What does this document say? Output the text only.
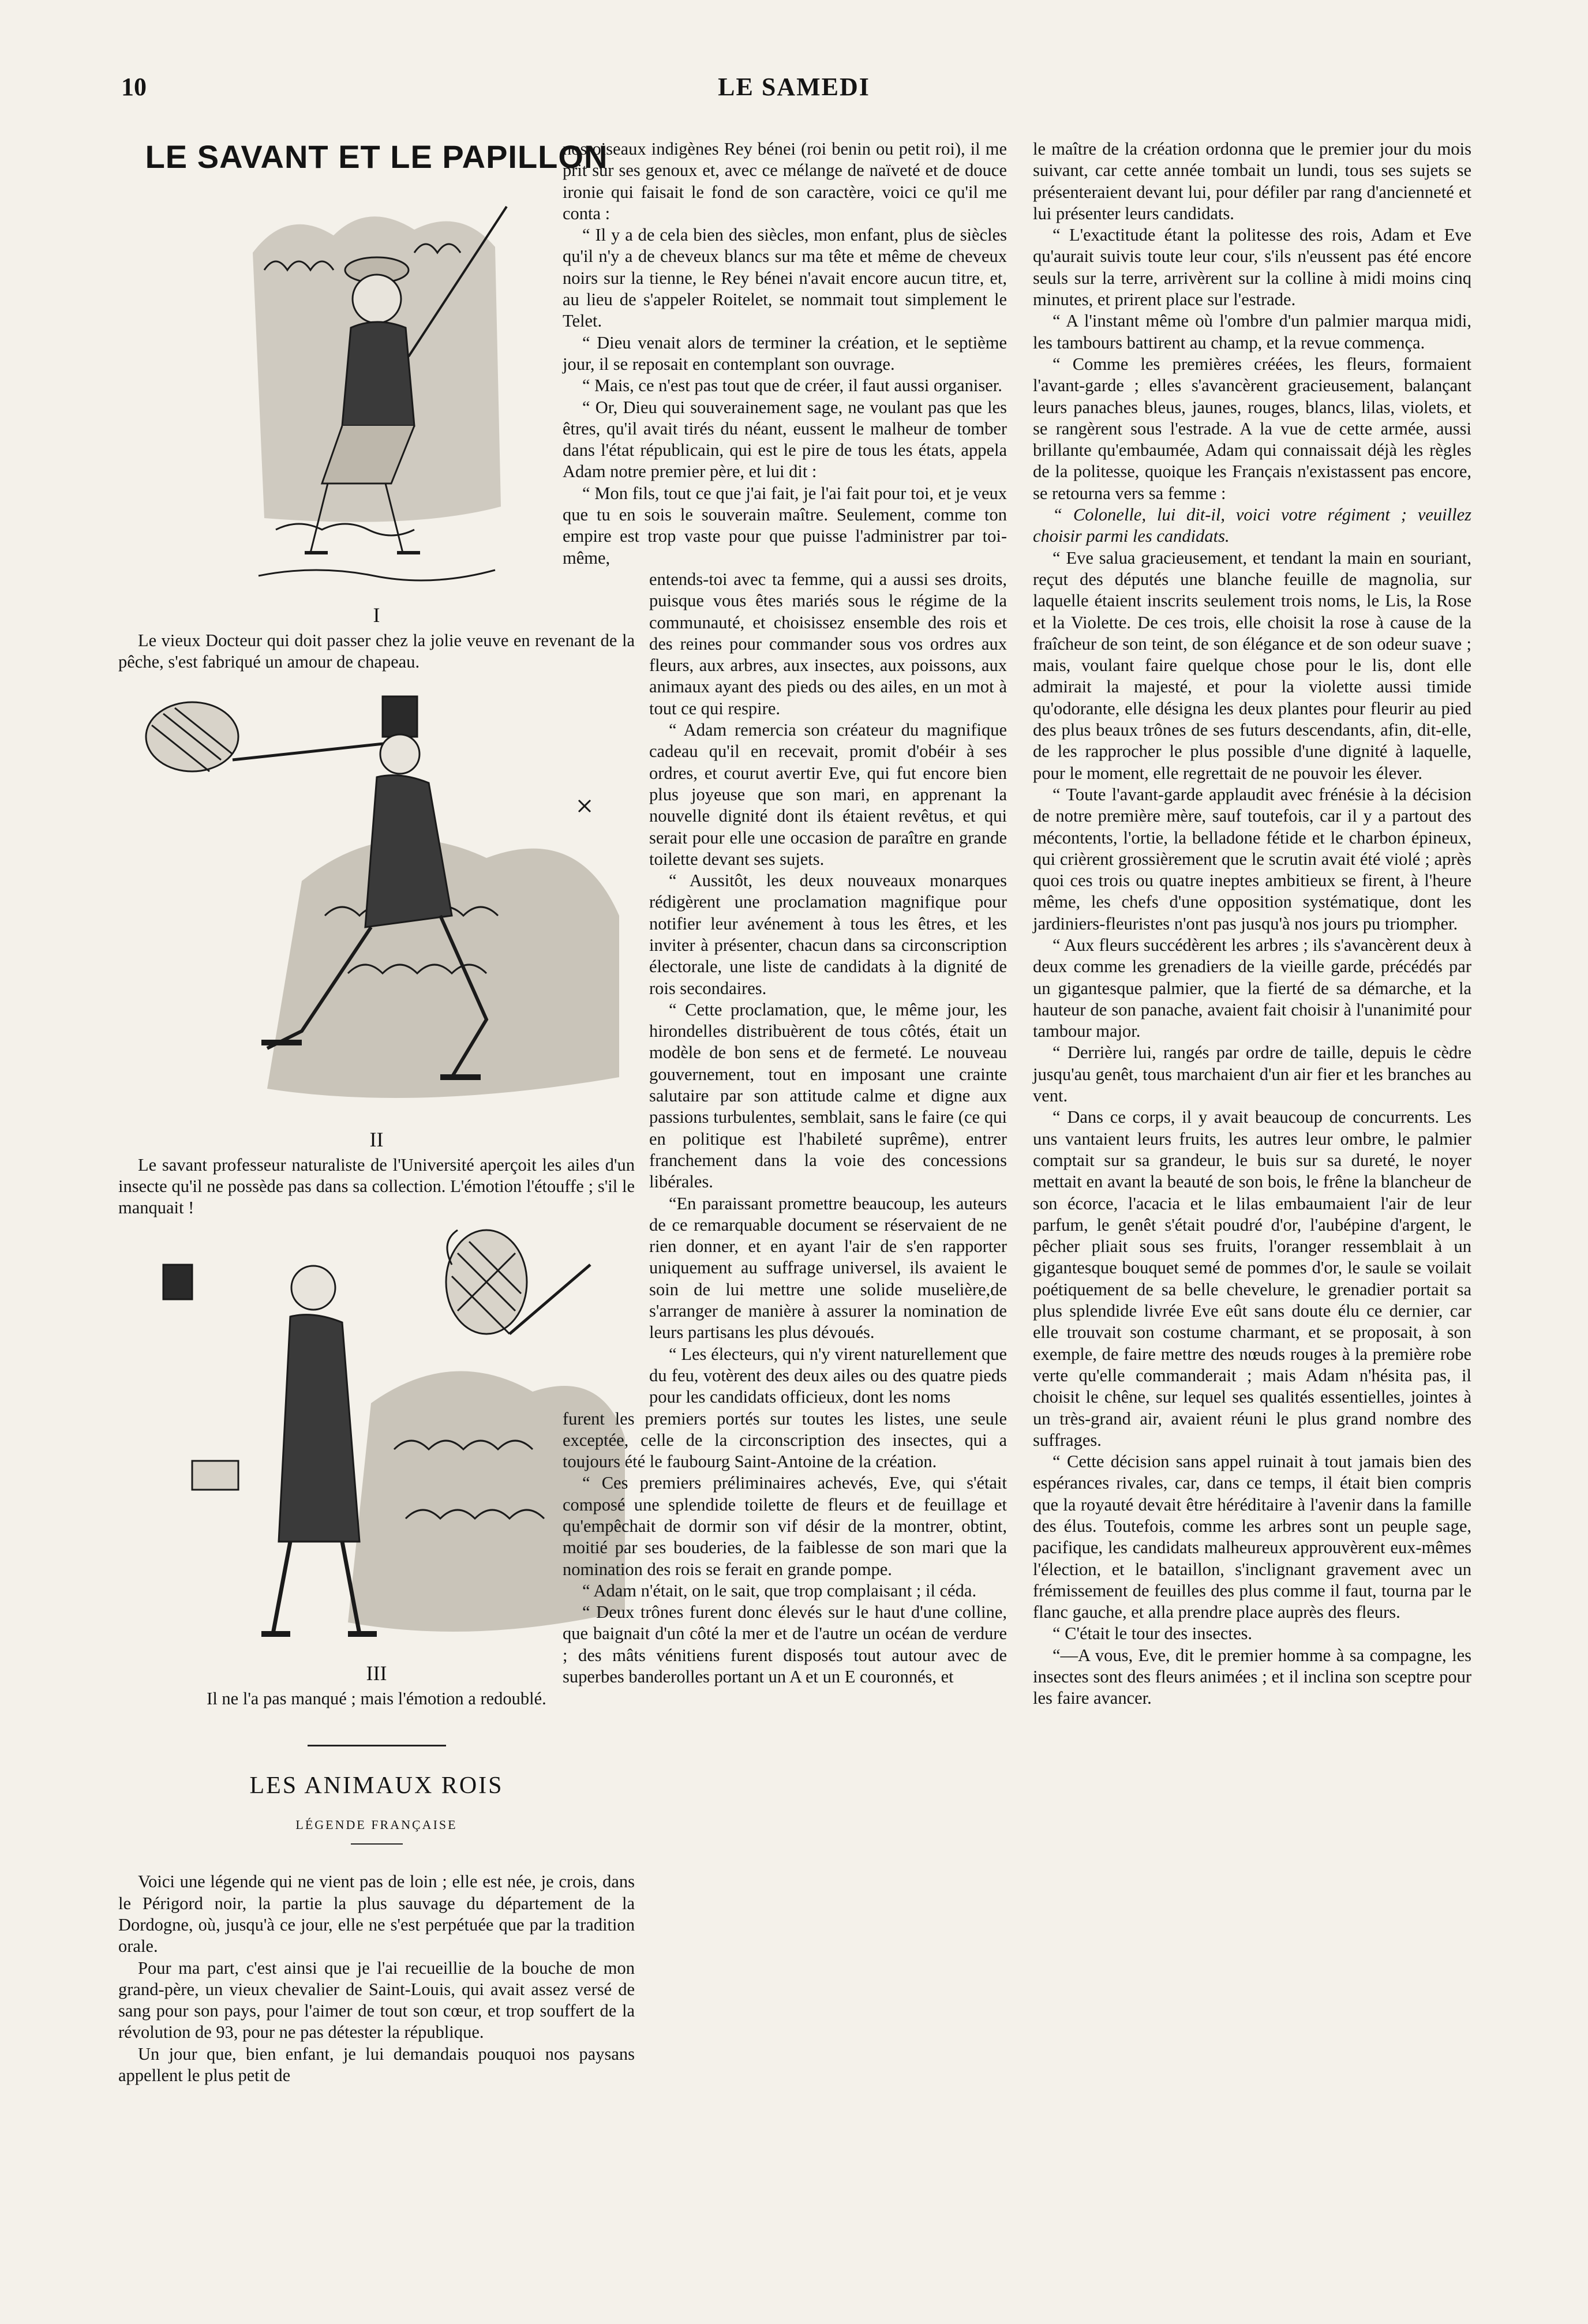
10	LE SAMEDI
LE SAVANT ET LE PAPILLON
I

Le vieux Docteur qui doit passer chez la jolie veuve en revenant de la pêche, s'est fabriqué un amour de chapeau.

II

Le savant professeur naturaliste de l'Université aperçoit les ailes d'un insecte qu'il ne possède pas dans sa collection. L'émotion l'étouffe ; s'il le manquait !

III

Il ne l'a pas manqué ; mais l'émotion a redoublé.

LES ANIMAUX ROIS
LÉGENDE FRANÇAISE

Voici une légende qui ne vient pas de loin ; elle est née, je crois, dans le Périgord noir, la partie la plus sauvage du département de la Dordogne, où, jusqu'à ce jour, elle ne s'est perpétuée que par la tradition orale.

Pour ma part, c'est ainsi que je l'ai recueillie de la bouche de mon grand-père, un vieux chevalier de Saint-Louis, qui avait assez versé de sang pour son pays, pour l'aimer de tout son cœur, et trop souffert de la révolution de 93, pour ne pas détester la république.

Un jour que, bien enfant, je lui demandais pouquoi nos paysans appellent le plus petit de

nos oiseaux indigènes Rey bénei (roi benin ou petit roi), il me prit sur ses genoux et, avec ce mélange de naïveté et de douce ironie qui faisait le fond de son caractère, voici ce qu'il me conta :

“ Il y a de cela bien des siècles, mon enfant, plus de siècles qu'il n'y a de cheveux blancs sur ma tête et même de cheveux noirs sur la tienne, le Rey bénei n'avait encore aucun titre, et, au lieu de s'appeler Roitelet, se nommait tout simplement le Telet.

“ Dieu venait alors de terminer la création, et le septième jour, il se reposait en contemplant son ouvrage.

“ Mais, ce n'est pas tout que de créer, il faut aussi organiser.

“ Or, Dieu qui souverainement sage, ne voulant pas que les êtres, qu'il avait tirés du néant, eussent le malheur de tomber dans l'état républicain, qui est le pire de tous les états, appela Adam notre premier père, et lui dit :

“ Mon fils, tout ce que j'ai fait, je l'ai fait pour toi, et je veux que tu en sois le souverain maître. Seulement, comme ton empire est trop vaste pour que puisse l'administrer par toi-même,

entends-toi avec ta femme, qui a aussi ses droits, puisque vous êtes mariés sous le régime de la communauté, et choisissez ensemble des rois et des reines pour commander sous vos ordres aux fleurs, aux arbres, aux insectes, aux poissons, aux animaux ayant des pieds ou des ailes, en un mot à tout ce qui respire.

“ Adam remercia son créateur du magnifique cadeau qu'il en recevait, promit d'obéir à ses ordres, et courut avertir Eve, qui fut encore bien plus joyeuse que son mari, en apprenant la nouvelle dignité dont ils étaient revêtus, et qui serait pour elle une occasion de paraître en grande toilette devant ses sujets.

“ Aussitôt, les deux nouveaux monarques rédigèrent une proclamation magnifique pour notifier leur avénement à tous les êtres, et les inviter à présenter, chacun dans sa circonscription électorale, une liste de candidats à la dignité de rois secondaires.

“ Cette proclamation, que, le même jour, les hirondelles distribuèrent de tous côtés, était un modèle de bon sens et de fermeté. Le nouveau gouvernement, tout en imposant une crainte salutaire par son attitude calme et digne aux passions turbulentes, semblait, sans le faire (ce qui en politique est l'habileté suprême), entrer franchement dans la voie des concessions libérales.

“En paraissant promettre beaucoup, les auteurs de ce remarquable document se réservaient de ne rien donner, et en ayant l'air de s'en rapporter uniquement au suffrage universel, ils avaient le soin de lui mettre une solide muselière,de s'arranger de manière à assurer la nomination de leurs partisans les plus dévoués.

“ Les électeurs, qui n'y virent naturellement que du feu, votèrent des deux ailes ou des quatre pieds pour les candidats officieux, dont les noms

furent les premiers portés sur toutes les listes, une seule exceptée, celle de la circonscription des insectes, qui a toujours été le faubourg Saint-Antoine de la création.

“ Ces premiers préliminaires achevés, Eve, qui s'était composé une splendide toilette de fleurs et de feuillage et qu'empêchait de dormir son vif désir de la montrer, obtint, moitié par ses bouderies, de la faiblesse de son mari que la nomination des rois se ferait en grande pompe.

“ Adam n'était, on le sait, que trop complaisant ; il céda.

“ Deux trônes furent donc élevés sur le haut d'une colline, que baignait d'un côté la mer et de l'autre un océan de verdure ; des mâts vénitiens furent disposés tout autour avec de superbes banderolles portant un A et un E couronnés, et

le maître de la création ordonna que le premier jour du mois suivant, car cette année tombait un lundi, tous ses sujets se présenteraient devant lui, pour défiler par rang d'ancienneté et lui présenter leurs candidats.

“ L'exactitude étant la politesse des rois, Adam et Eve qu'aurait suivis toute leur cour, s'ils n'eussent pas été encore seuls sur la terre, arrivèrent sur la colline à midi moins cinq minutes, et prirent place sur l'estrade.

“ A l'instant même où l'ombre d'un palmier marqua midi, les tambours battirent au champ, et la revue commença.

“ Comme les premières créées, les fleurs, formaient l'avant-garde ; elles s'avancèrent gracieusement, balançant leurs panaches bleus, jaunes, rouges, blancs, lilas, violets, et se rangèrent sous l'estrade. A la vue de cette armée, aussi brillante qu'embaumée, Adam qui connaissait déjà les règles de la politesse, quoique les Français n'existassent pas encore, se retourna vers sa femme :

“ Colonelle, lui dit-il, voici votre régiment ; veuillez choisir parmi les candidats.

“ Eve salua gracieusement, et tendant la main en souriant, reçut des députés une blanche feuille de magnolia, sur laquelle étaient inscrits seulement trois noms, le Lis, la Rose et la Violette. De ces trois, elle choisit la rose à cause de la fraîcheur de son teint, de son élégance et de son odeur suave ; mais, voulant faire quelque chose pour le lis, dont elle admirait la majesté, et pour la violette aussi timide qu'odorante, elle désigna les deux plantes pour fleurir au pied des plus beaux trônes de ses futurs descendants, afin, dit-elle, de les rapprocher le plus possible d'une dignité à laquelle, pour le moment, elle regrettait de ne pouvoir les élever.

“ Toute l'avant-garde applaudit avec frénésie à la décision de notre première mère, sauf toutefois, car il y a partout des mécontents, l'ortie, la belladone fétide et le charbon épineux, qui crièrent grossièrement que le scrutin avait été violé ; après quoi ces trois ou quatre ineptes ambitieux se firent, à l'heure même, les chefs d'une opposition systématique, dont les jardiniers-fleuristes n'ont pas jusqu'à nos jours pu triompher.

“ Aux fleurs succédèrent les arbres ; ils s'avancèrent deux à deux comme les grenadiers de la vieille garde, précédés par un gigantesque palmier, que la fierté de sa démarche, et la hauteur de son panache, avaient fait choisir à l'unanimité pour tambour major.

“ Derrière lui, rangés par ordre de taille, depuis le cèdre jusqu'au genêt, tous marchaient d'un air fier et les branches au vent.

“ Dans ce corps, il y avait beaucoup de concurrents. Les uns vantaient leurs fruits, les autres leur ombre, le palmier comptait sur sa grandeur, le buis sur sa dureté, le noyer mettait en avant la beauté de son bois, le frêne la blancheur de son écorce, l'acacia et le lilas embaumaient l'air de leur parfum, le genêt s'était poudré d'or, l'aubépine d'argent, le pêcher pliait sous ses fruits, l'oranger ressemblait à un gigantesque bouquet semé de pommes d'or, le saule se voilait poétiquement de sa belle chevelure, le grenadier portait sa plus splendide livrée Eve eût sans doute élu ce dernier, car elle trouvait son costume charmant, et se proposait, à son exemple, de faire mettre des nœuds rouges à la première robe verte qu'elle commanderait ; mais Adam n'hésita pas, il choisit le chêne, sur lequel ses qualités essentielles, jointes à un très-grand air, avaient réuni le plus grand nombre des suffrages.

“ Cette décision sans appel ruinait à tout jamais bien des espérances rivales, car, dans ce temps, il était bien compris que la royauté devait être héréditaire à l'avenir dans la famille des élus. Toutefois, comme les arbres sont un peuple sage, pacifique, les candidats malheureux approuvèrent eux-mêmes l'élection, et le bataillon, s'inclignant gravement avec un frémissement de feuilles des plus comme il faut, tourna par le flanc gauche, et alla prendre place auprès des fleurs.

“ C'était le tour des insectes.

“—A vous, Eve, dit le premier homme à sa compagne, les insectes sont des fleurs animées ; et il inclina son sceptre pour les faire avancer.
